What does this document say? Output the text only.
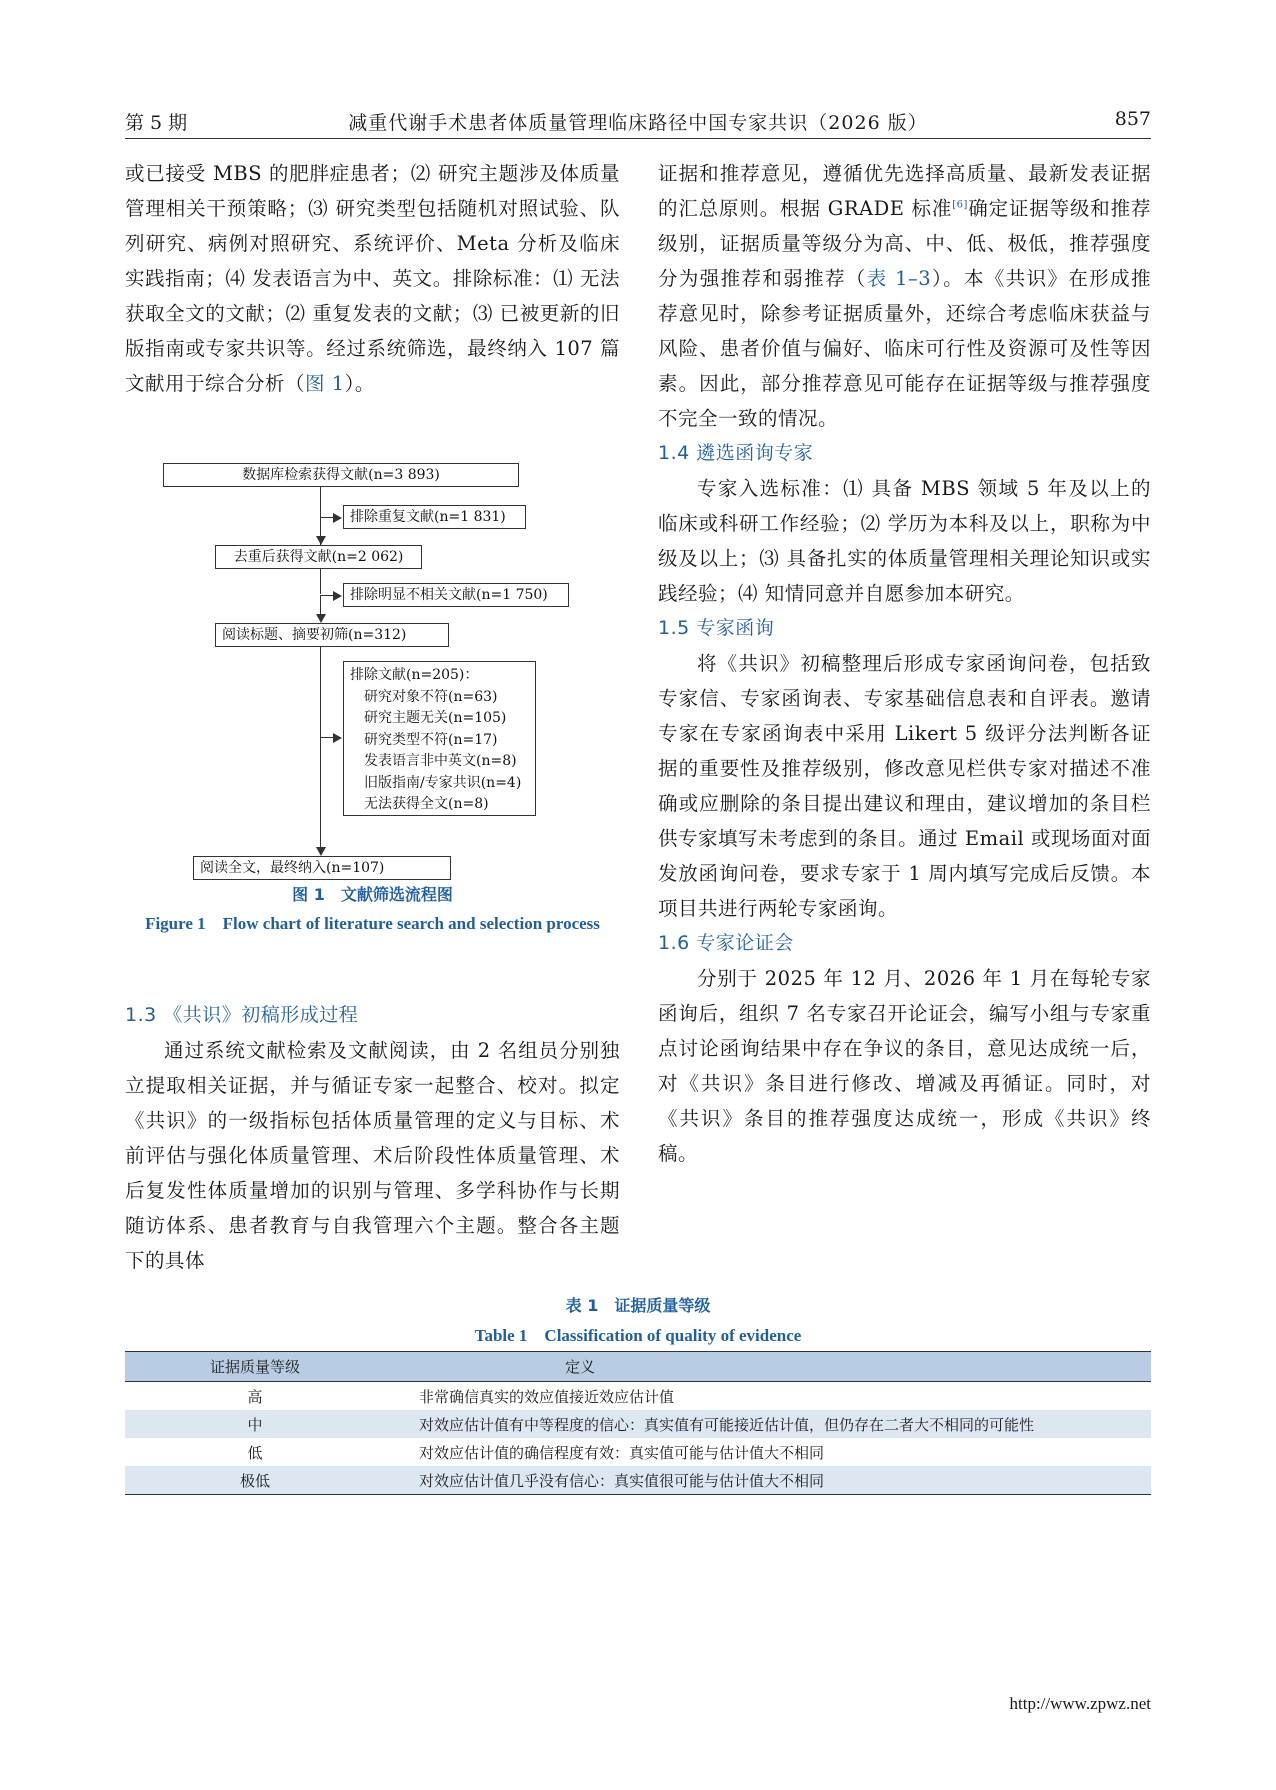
第 5 期	减重代谢手术患者体质量管理临床路径中国专家共识（2026 版）	857

或已接受 MBS 的肥胖症患者；⑵ 研究主题涉及体质量管理相关干预策略；⑶ 研究类型包括随机对照试验、队列研究、病例对照研究、系统评价、Meta 分析及临床实践指南；⑷ 发表语言为中、英文。排除标准：⑴ 无法获取全文的文献；⑵ 重复发表的文献；⑶ 已被更新的旧版指南或专家共识等。经过系统筛选，最终纳入 107 篇文献用于综合分析（图 1）。

数据库检索获得文献(n=3 893)
排除重复文献(n=1 831)
去重后获得文献(n=2 062)
排除明显不相关文献(n=1 750)
阅读标题、摘要初筛(n=312)
排除文献(n=205)：
研究对象不符(n=63)
研究主题无关(n=105)
研究类型不符(n=17)
发表语言非中英文(n=8)
旧版指南/专家共识(n=4)
无法获得全文(n=8)
阅读全文，最终纳入(n=107)
图 1　文献筛选流程图
Figure 1　Flow chart of literature search and selection process

1.3 《共识》初稿形成过程

通过系统文献检索及文献阅读，由 2 名组员分别独立提取相关证据，并与循证专家一起整合、校对。拟定《共识》的一级指标包括体质量管理的定义与目标、术前评估与强化体质量管理、术后阶段性体质量管理、术后复发性体质量增加的识别与管理、多学科协作与长期随访体系、患者教育与自我管理六个主题。整合各主题下的具体

证据和推荐意见，遵循优先选择高质量、最新发表证据的汇总原则。根据 GRADE 标准[6]确定证据等级和推荐级别，证据质量等级分为高、中、低、极低，推荐强度分为强推荐和弱推荐（表 1–3）。本《共识》在形成推荐意见时，除参考证据质量外，还综合考虑临床获益与风险、患者价值与偏好、临床可行性及资源可及性等因素。因此，部分推荐意见可能存在证据等级与推荐强度不完全一致的情况。

1.4 遴选函询专家

专家入选标准：⑴ 具备 MBS 领域 5 年及以上的临床或科研工作经验；⑵ 学历为本科及以上，职称为中级及以上；⑶ 具备扎实的体质量管理相关理论知识或实践经验；⑷ 知情同意并自愿参加本研究。

1.5 专家函询

将《共识》初稿整理后形成专家函询问卷，包括致专家信、专家函询表、专家基础信息表和自评表。邀请专家在专家函询表中采用 Likert 5 级评分法判断各证据的重要性及推荐级别，修改意见栏供专家对描述不准确或应删除的条目提出建议和理由，建议增加的条目栏供专家填写未考虑到的条目。通过 Email 或现场面对面发放函询问卷，要求专家于 1 周内填写完成后反馈。本项目共进行两轮专家函询。

1.6 专家论证会

分别于 2025 年 12 月、2026 年 1 月在每轮专家函询后，组织 7 名专家召开论证会，编写小组与专家重点讨论函询结果中存在争议的条目，意见达成统一后，对《共识》条目进行修改、增减及再循证。同时，对《共识》条目的推荐强度达成统一，形成《共识》终稿。

表 1　证据质量等级
Table 1　Classification of quality of evidence
证据质量等级	定义
高	非常确信真实的效应值接近效应估计值
中	对效应估计值有中等程度的信心：真实值有可能接近估计值，但仍存在二者大不相同的可能性
低	对效应估计值的确信程度有效：真实值可能与估计值大不相同
极低	对效应估计值几乎没有信心：真实值很可能与估计值大不相同
http://www.zpwz.net
